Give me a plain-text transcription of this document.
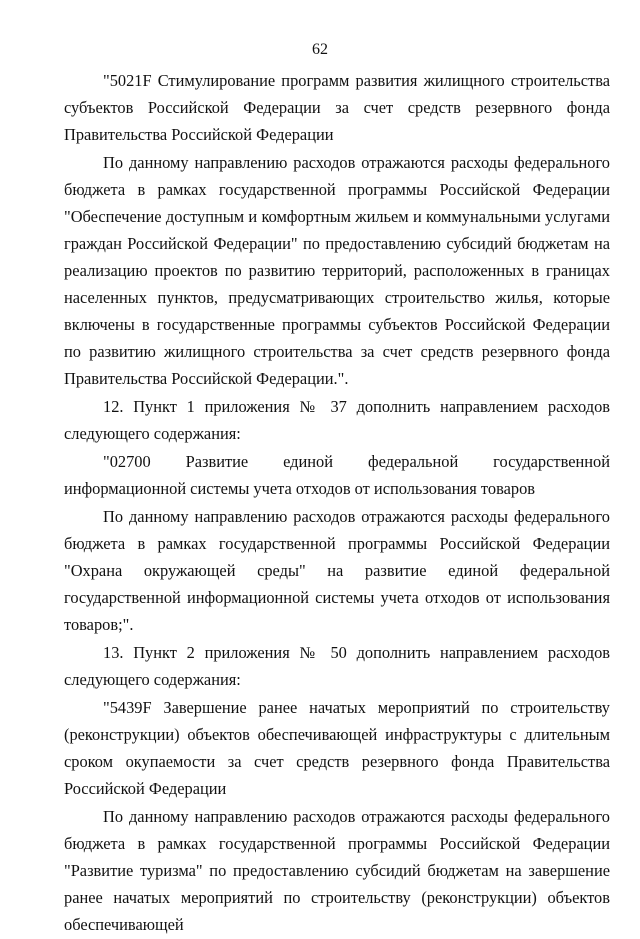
62

"5021F Стимулирование программ развития жилищного строительства субъектов Российской Федерации за счет средств резервного фонда Правительства Российской Федерации

По данному направлению расходов отражаются расходы федерального бюджета в рамках государственной программы Российской Федерации "Обеспечение доступным и комфортным жильем и коммунальными услугами граждан Российской Федерации" по предоставлению субсидий бюджетам на реализацию проектов по развитию территорий, расположенных в границах населенных пунктов, предусматривающих строительство жилья, которые включены в государственные программы субъектов Российской Федерации по развитию жилищного строительства за счет средств резервного фонда Правительства Российской Федерации.".

12. Пункт 1 приложения № 37 дополнить направлением расходов следующего содержания:

"02700 Развитие единой федеральной государственной информационной системы учета отходов от использования товаров

По данному направлению расходов отражаются расходы федерального бюджета в рамках государственной программы Российской Федерации "Охрана окружающей среды" на развитие единой федеральной государственной информационной системы учета отходов от использования товаров;".

13. Пункт 2 приложения № 50 дополнить направлением расходов следующего содержания:

"5439F Завершение ранее начатых мероприятий по строительству (реконструкции) объектов обеспечивающей инфраструктуры с длительным сроком окупаемости за счет средств резервного фонда Правительства Российской Федерации

По данному направлению расходов отражаются расходы федерального бюджета в рамках государственной программы Российской Федерации "Развитие туризма" по предоставлению субсидий бюджетам на завершение ранее начатых мероприятий по строительству (реконструкции) объектов обеспечивающей
